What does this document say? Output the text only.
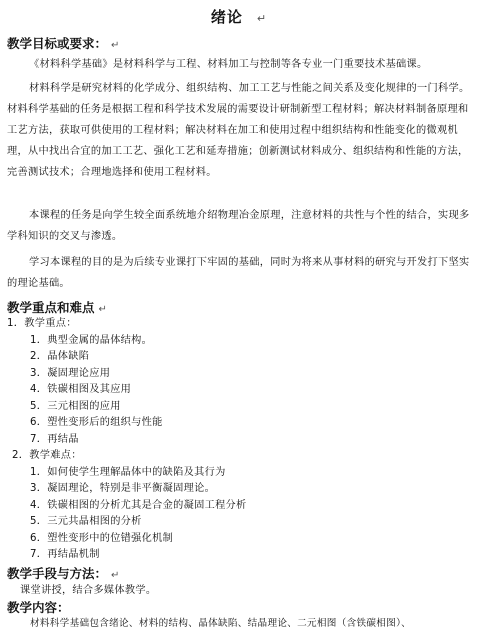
绪论 ↵
教学目标或要求： ↵
《材料科学基础》是材料科学与工程、材料加工与控制等各专业一门重要技术基础课。
材料科学是研究材料的化学成分、组织结构、加工工艺与性能之间关系及变化规律的一门科学。材料科学基础的任务是根据工程和科学技术发展的需要设计研制新型工程材料；解决材料制备原理和工艺方法，获取可供使用的工程材料；解决材料在加工和使用过程中组织结构和性能变化的微观机理，从中找出合宜的加工工艺、强化工艺和延寿措施；创新测试材料成分、组织结构和性能的方法，完善测试技术；合理地选择和使用工程材料。
本课程的任务是向学生较全面系统地介绍物理冶金原理，注意材料的共性与个性的结合，实现多学科知识的交叉与渗透。
学习本课程的目的是为后续专业课打下牢固的基础，同时为将来从事材料的研究与开发打下坚实的理论基础。
教学重点和难点 ↵
1．教学重点：
1．典型金属的晶体结构。
2．晶体缺陷
3．凝固理论应用
4．铁碳相图及其应用
5．三元相图的应用
6．塑性变形后的组织与性能
7．再结晶
2．教学难点：
1．如何使学生理解晶体中的缺陷及其行为
3．凝固理论，特别是非平衡凝固理论。
4．铁碳相图的分析尤其是合金的凝固工程分析
5．三元共晶相图的分析
6．塑性变形中的位错强化机制
7．再结晶机制
教学手段与方法： ↵
课堂讲授，结合多媒体教学。
教学内容：
材料科学基础包含绪论、材料的结构、晶体缺陷、结晶理论、二元相图（含铁碳相图）、
